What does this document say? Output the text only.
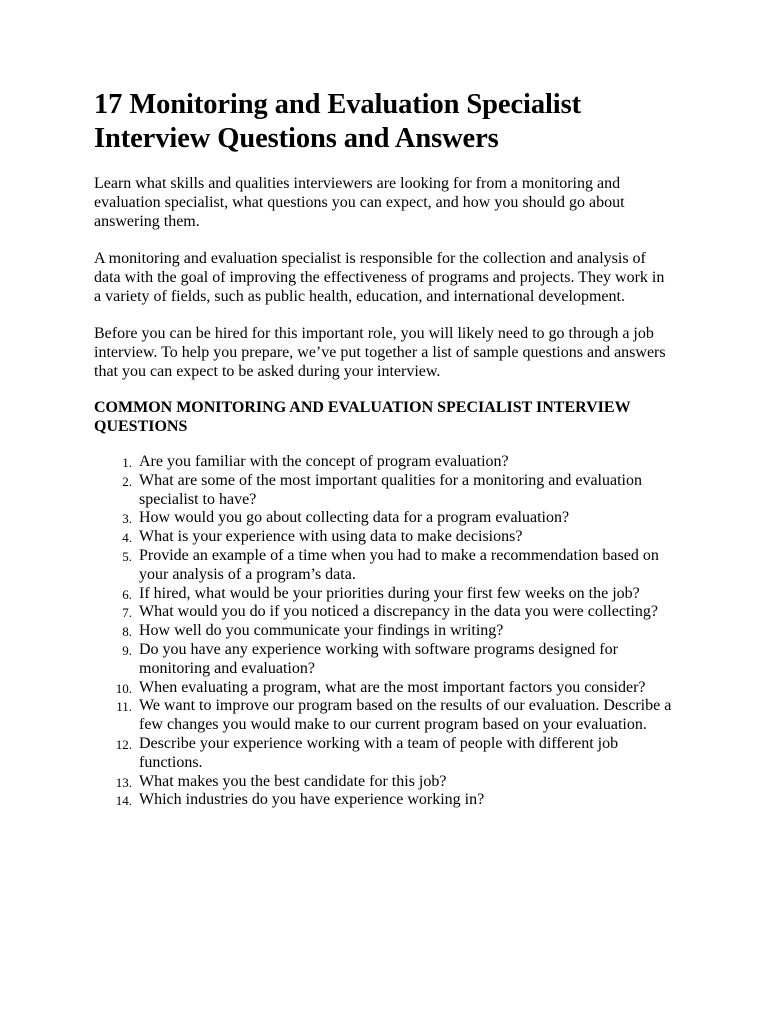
17 Monitoring and Evaluation Specialist Interview Questions and Answers

Learn what skills and qualities interviewers are looking for from a monitoring and evaluation specialist, what questions you can expect, and how you should go about answering them.

A monitoring and evaluation specialist is responsible for the collection and analysis of data with the goal of improving the effectiveness of programs and projects. They work in a variety of fields, such as public health, education, and international development.

Before you can be hired for this important role, you will likely need to go through a job interview. To help you prepare, we’ve put together a list of sample questions and answers that you can expect to be asked during your interview.

COMMON MONITORING AND EVALUATION SPECIALIST INTERVIEW QUESTIONS
1. Are you familiar with the concept of program evaluation?
2. What are some of the most important qualities for a monitoring and evaluation specialist to have?
3. How would you go about collecting data for a program evaluation?
4. What is your experience with using data to make decisions?
5. Provide an example of a time when you had to make a recommendation based on your analysis of a program’s data.
6. If hired, what would be your priorities during your first few weeks on the job?
7. What would you do if you noticed a discrepancy in the data you were collecting?
8. How well do you communicate your findings in writing?
9. Do you have any experience working with software programs designed for monitoring and evaluation?
10. When evaluating a program, what are the most important factors you consider?
11. We want to improve our program based on the results of our evaluation. Describe a few changes you would make to our current program based on your evaluation.
12. Describe your experience working with a team of people with different job functions.
13. What makes you the best candidate for this job?
14. Which industries do you have experience working in?
